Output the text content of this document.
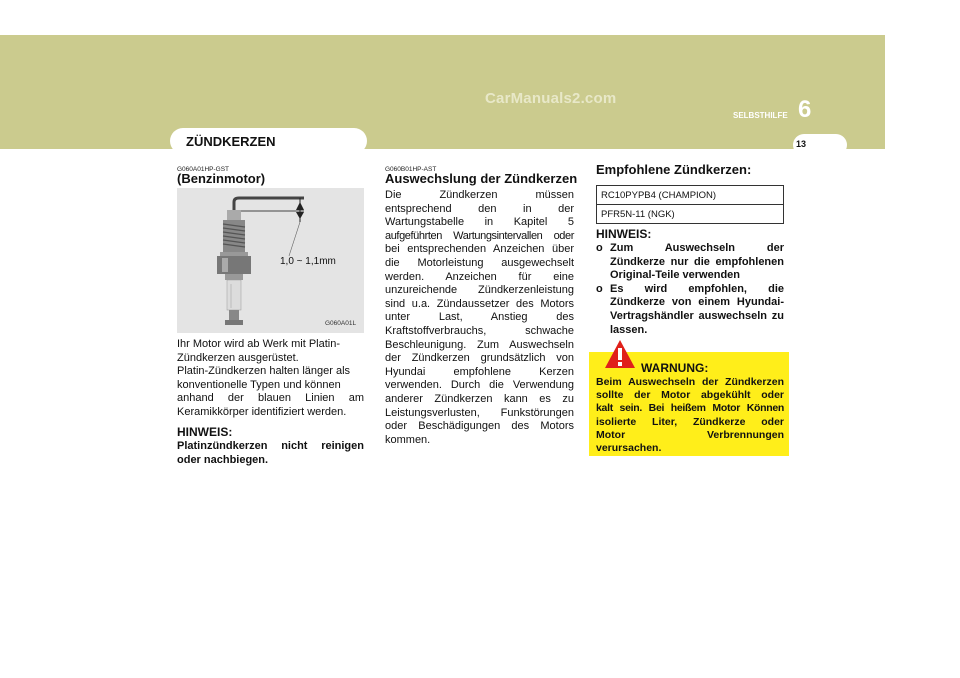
CarManuals2.com
SELBSTHILFE 6
13
ZÜNDKERZEN
G060A01HP-GST
(Benzinmotor)
1,0 ~ 1,1mm
G060A01L
Ihr Motor wird ab Werk mit Platin-
Zündkerzen ausgerüstet.
Platin-Zündkerzen halten länger als
konventionelle Typen und können
anhand der blauen Linien am
Keramikkörper identifiziert werden.
HINWEIS:
Platinzündkerzen nicht reinigen
oder nachbiegen.
G060B01HP-AST
Auswechslung der Zündkerzen
Die Zündkerzen müssen
entsprechend den in der
Wartungstabelle in Kapitel 5
aufgeführten Wartungsintervallen oder
bei entsprechenden Anzeichen über
die Motorleistung ausgewechselt
werden. Anzeichen für eine
unzureichende Zündkerzenleistung
sind u.a. Zündaussetzer des Motors
unter Last, Anstieg des
Kraftstoffverbrauchs, schwache
Beschleunigung. Zum Auswechseln
der Zündkerzen grundsätzlich von
Hyundai empfohlene Kerzen
verwenden. Durch die Verwendung
anderer Zündkerzen kann es zu
Leistungsverlusten, Funkstörungen
oder Beschädigungen des Motors
kommen.
Empfohlene Zündkerzen:
RC10PYPB4 (CHAMPION)
PFR5N-11 (NGK)
HINWEIS:
o Zum Auswechseln der
Zündkerze nur die empfohlenen
Original-Teile verwenden
o Es wird empfohlen, die
Zündkerze von einem Hyundai-
Vertragshändler auswechseln zu
lassen.
WARNUNG:
Beim Auswechseln der Zündkerzen
sollte der Motor abgekühlt oder
kalt sein. Bei heißem Motor Können
isolierte Liter, Zündkerze oder
Motor Verbrennungen
verursachen.
